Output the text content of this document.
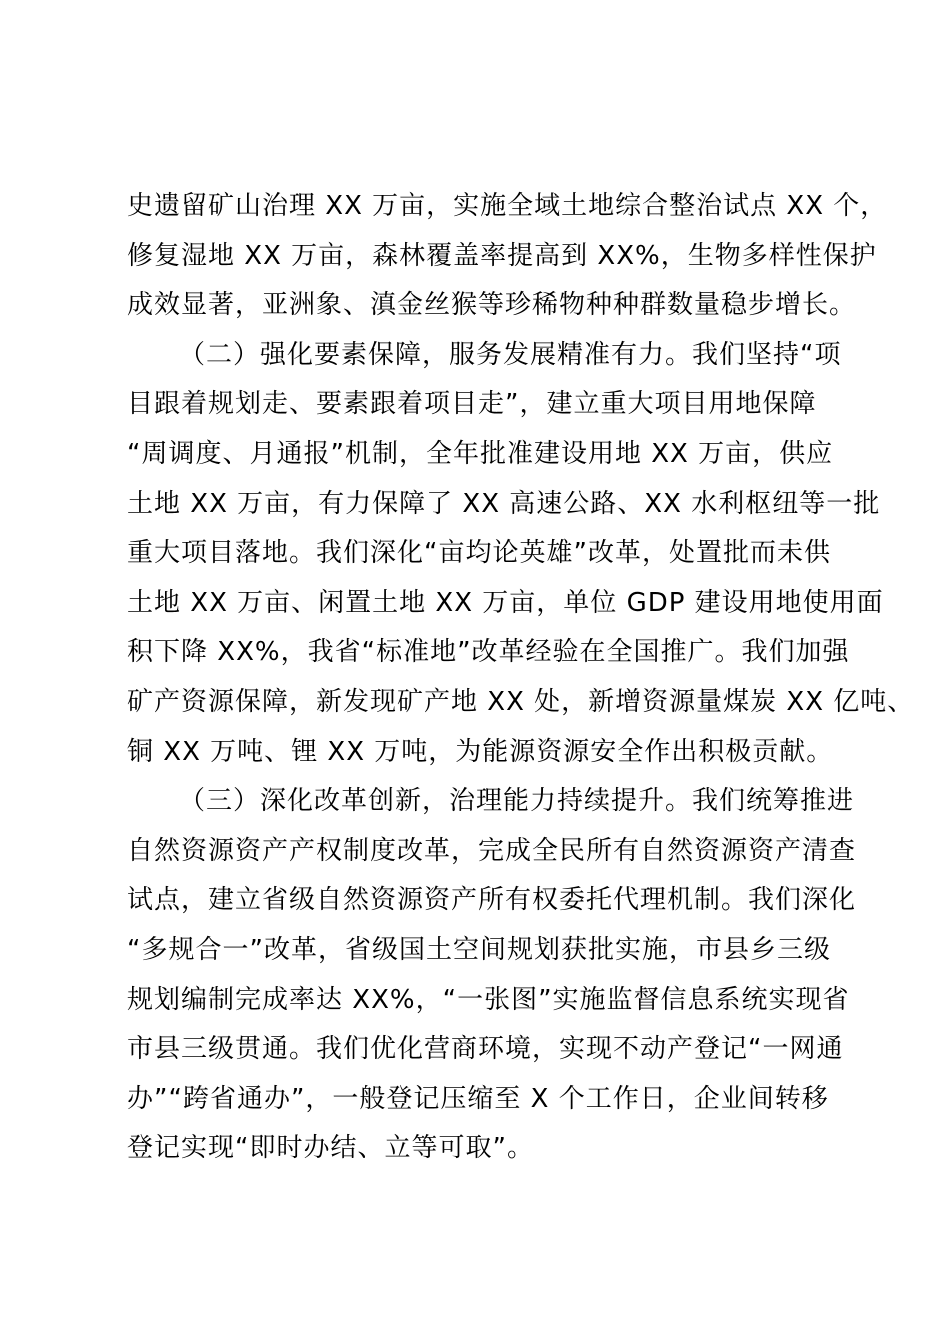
史遗留矿山治理 XX 万亩，实施全域土地综合整治试点 XX 个，
修复湿地 XX 万亩，森林覆盖率提高到 XX%，生物多样性保护
成效显著，亚洲象、滇金丝猴等珍稀物种种群数量稳步增长。
（二）强化要素保障，服务发展精准有力。我们坚持“项
目跟着规划走、要素跟着项目走”，建立重大项目用地保障
“周调度、月通报”机制，全年批准建设用地 XX 万亩，供应
土地 XX 万亩，有力保障了 XX 高速公路、XX 水利枢纽等一批
重大项目落地。我们深化“亩均论英雄”改革，处置批而未供
土地 XX 万亩、闲置土地 XX 万亩，单位 GDP 建设用地使用面
积下降 XX%，我省“标准地”改革经验在全国推广。我们加强
矿产资源保障，新发现矿产地 XX 处，新增资源量煤炭 XX 亿吨、
铜 XX 万吨、锂 XX 万吨，为能源资源安全作出积极贡献。
（三）深化改革创新，治理能力持续提升。我们统筹推进
自然资源资产产权制度改革，完成全民所有自然资源资产清查
试点，建立省级自然资源资产所有权委托代理机制。我们深化
“多规合一”改革，省级国土空间规划获批实施，市县乡三级
规划编制完成率达 XX%，“一张图”实施监督信息系统实现省
市县三级贯通。我们优化营商环境，实现不动产登记“一网通
办”“跨省通办”，一般登记压缩至 X 个工作日，企业间转移
登记实现“即时办结、立等可取”。
